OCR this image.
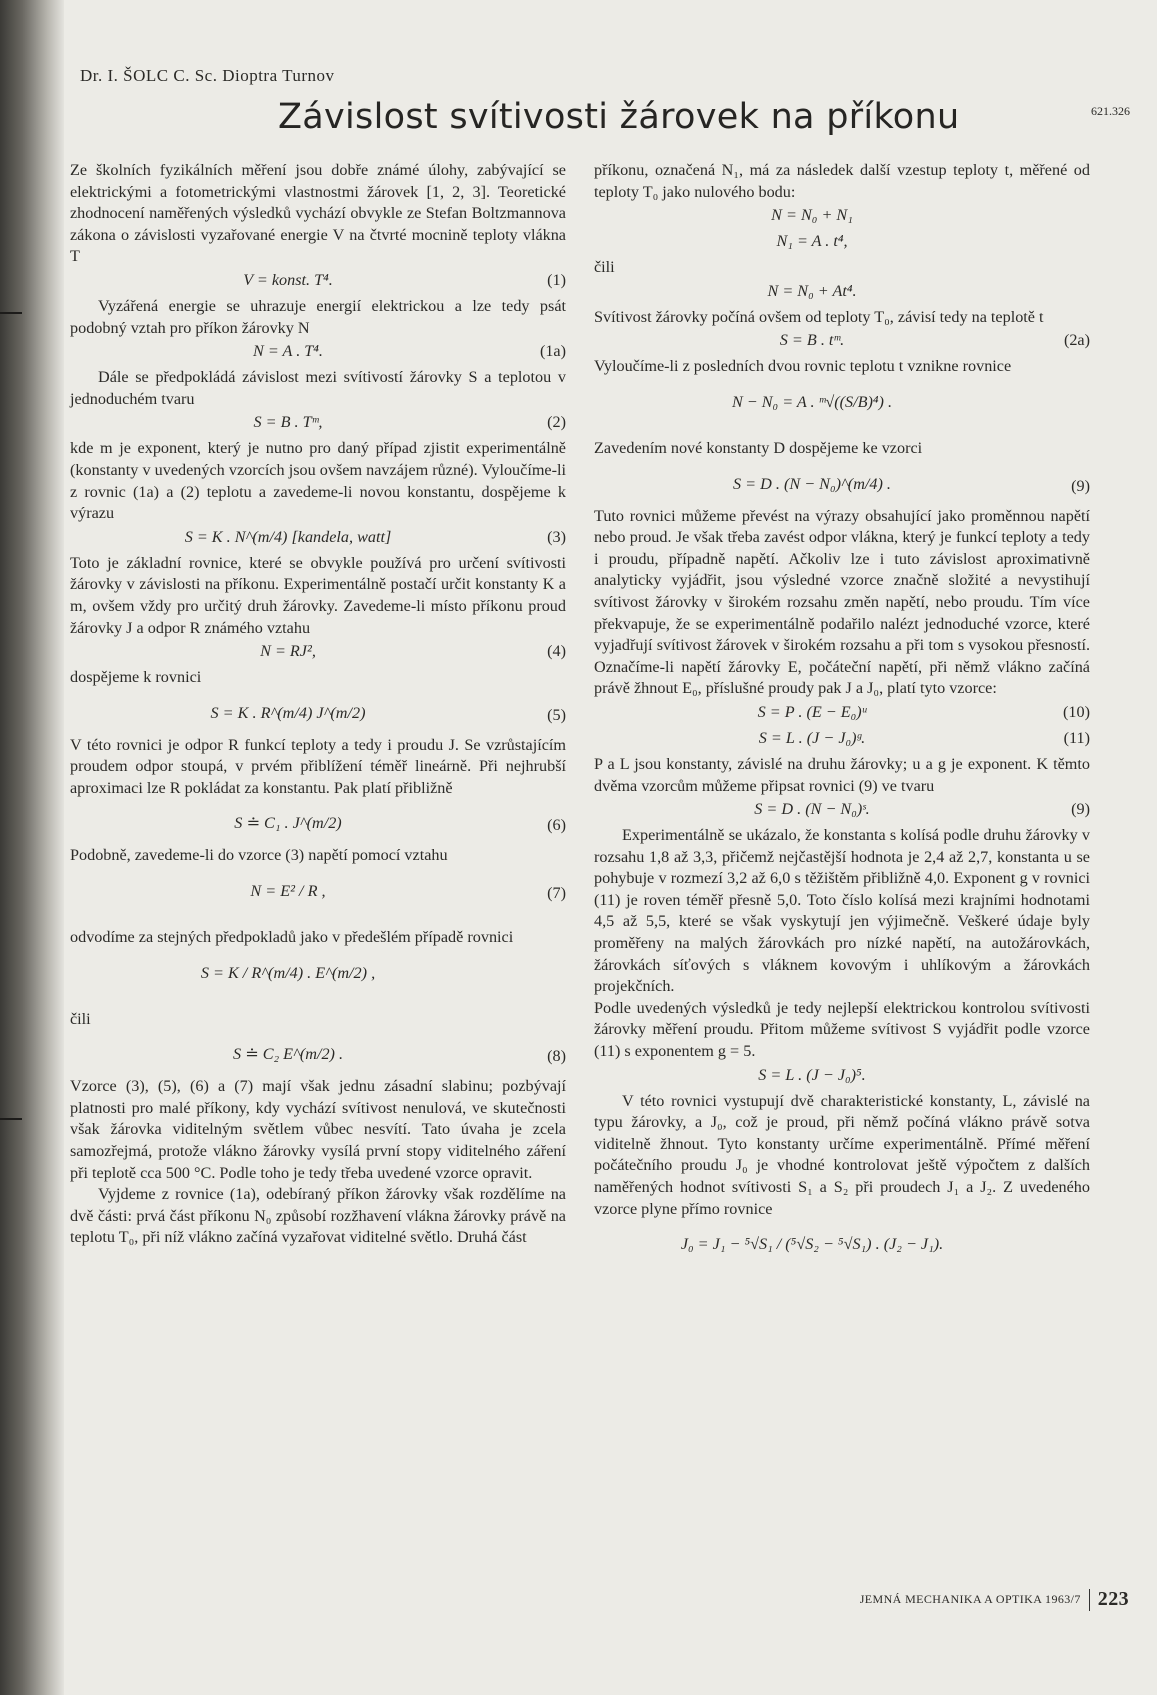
Dr. I. ŠOLC C. Sc. Dioptra Turnov
Závislost svítivosti žárovek na příkonu	621.326

Ze školních fyzikálních měření jsou dobře známé úlohy, zabývající se elektrickými a fotometrickými vlastnostmi žárovek [1, 2, 3]. Teoretické zhodnocení naměřených výsledků vychází obvykle ze Stefan Boltzmannova zákona o závislosti vyzařované energie V na čtvrté mocnině teploty vlákna T

V = konst. T⁴.	(1)

Vyzářená energie se uhrazuje energií elektrickou a lze tedy psát podobný vztah pro příkon žárovky N

N = A . T⁴.	(1a)

Dále se předpokládá závislost mezi svítivostí žárovky S a teplotou v jednoduchém tvaru

S = B . Tᵐ,	(2)

kde m je exponent, který je nutno pro daný případ zjistit experimentálně (konstanty v uvedených vzorcích jsou ovšem navzájem různé). Vyloučíme-li z rovnic (1a) a (2) teplotu a zavedeme-li novou konstantu, dospějeme k výrazu

S = K . N^(m/4) [kandela, watt]	(3)

Toto je základní rovnice, které se obvykle používá pro určení svítivosti žárovky v závislosti na příkonu. Experimentálně postačí určit konstanty K a m, ovšem vždy pro určitý druh žárovky. Zavedeme-li místo příkonu proud žárovky J a odpor R známého vztahu

N = RJ²,	(4)

dospějeme k rovnici

S = K . R^(m/4) J^(m/2)	(5)

V této rovnici je odpor R funkcí teploty a tedy i proudu J. Se vzrůstajícím proudem odpor stoupá, v prvém přiblížení téměř lineárně. Při nejhrubší aproximaci lze R pokládat za konstantu. Pak platí přibližně

S ≐ C₁ . J^(m/2)	(6)

Podobně, zavedeme-li do vzorce (3) napětí pomocí vztahu

N = E² / R ,	(7)

odvodíme za stejných předpokladů jako v předešlém případě rovnici

S = K / R^(m/4) . E^(m/2) ,

čili

S ≐ C₂ E^(m/2) .	(8)

Vzorce (3), (5), (6) a (7) mají však jednu zásadní slabinu; pozbývají platnosti pro malé příkony, kdy vychází svítivost nenulová, ve skutečnosti však žárovka viditelným světlem vůbec nesvítí. Tato úvaha je zcela samozřejmá, protože vlákno žárovky vysílá první stopy viditelného záření při teplotě cca 500 °C. Podle toho je tedy třeba uvedené vzorce opravit.

Vyjdeme z rovnice (1a), odebíraný příkon žárovky však rozdělíme na dvě části: prvá část příkonu N₀ způsobí rozžhavení vlákna žárovky právě na teplotu T₀, při níž vlákno začíná vyzařovat viditelné světlo. Druhá část

příkonu, označená N₁, má za následek další vzestup teploty t, měřené od teploty T₀ jako nulového bodu:

N = N₀ + N₁
N₁ = A . t⁴,

čili

N = N₀ + At⁴.

Svítivost žárovky počíná ovšem od teploty T₀, závisí tedy na teplotě t

S = B . tᵐ.	(2a)

Vyloučíme-li z posledních dvou rovnic teplotu t vznikne rovnice

N − N₀ = A . ᵐ√((S/B)⁴) .

Zavedením nové konstanty D dospějeme ke vzorci

S = D . (N − N₀)^(m/4) .	(9)

Tuto rovnici můžeme převést na výrazy obsahující jako proměnnou napětí nebo proud. Je však třeba zavést odpor vlákna, který je funkcí teploty a tedy i proudu, případně napětí. Ačkoliv lze i tuto závislost aproximativně analyticky vyjádřit, jsou výsledné vzorce značně složité a nevystihují svítivost žárovky v širokém rozsahu změn napětí, nebo proudu. Tím více překvapuje, že se experimentálně podařilo nalézt jednoduché vzorce, které vyjadřují svítivost žárovek v širokém rozsahu a při tom s vysokou přesností. Označíme-li napětí žárovky E, počáteční napětí, při němž vlákno začíná právě žhnout E₀, příslušné proudy pak J a J₀, platí tyto vzorce:

S = P . (E − E₀)ᵘ	(10)
S = L . (J − J₀)ᵍ.	(11)

P a L jsou konstanty, závislé na druhu žárovky; u a g je exponent. K těmto dvěma vzorcům můžeme připsat rovnici (9) ve tvaru

S = D . (N − N₀)ˢ.	(9)

Experimentálně se ukázalo, že konstanta s kolísá podle druhu žárovky v rozsahu 1,8 až 3,3, přičemž nejčastější hodnota je 2,4 až 2,7, konstanta u se pohybuje v rozmezí 3,2 až 6,0 s těžištěm přibližně 4,0. Exponent g v rovnici (11) je roven téměř přesně 5,0. Toto číslo kolísá mezi krajními hodnotami 4,5 až 5,5, které se však vyskytují jen výjimečně. Veškeré údaje byly proměřeny na malých žárovkách pro nízké napětí, na autožárovkách, žárovkách síťových s vláknem kovovým i uhlíkovým a žárovkách projekčních.

Podle uvedených výsledků je tedy nejlepší elektrickou kontrolou svítivosti žárovky měření proudu. Přitom můžeme svítivost S vyjádřit podle vzorce (11) s exponentem g = 5.

S = L . (J − J₀)⁵.

V této rovnici vystupují dvě charakteristické konstanty, L, závislé na typu žárovky, a J₀, což je proud, při němž počíná vlákno právě sotva viditelně žhnout. Tyto konstanty určíme experimentálně. Přímé měření počátečního proudu J₀ je vhodné kontrolovat ještě výpočtem z dalších naměřených hodnot svítivosti S₁ a S₂ při proudech J₁ a J₂. Z uvedeného vzorce plyne přímo rovnice

J₀ = J₁ − ⁵√S₁ / (⁵√S₂ − ⁵√S₁) . (J₂ − J₁).
JEMNÁ MECHANIKA A OPTIKA 1963/7 223
